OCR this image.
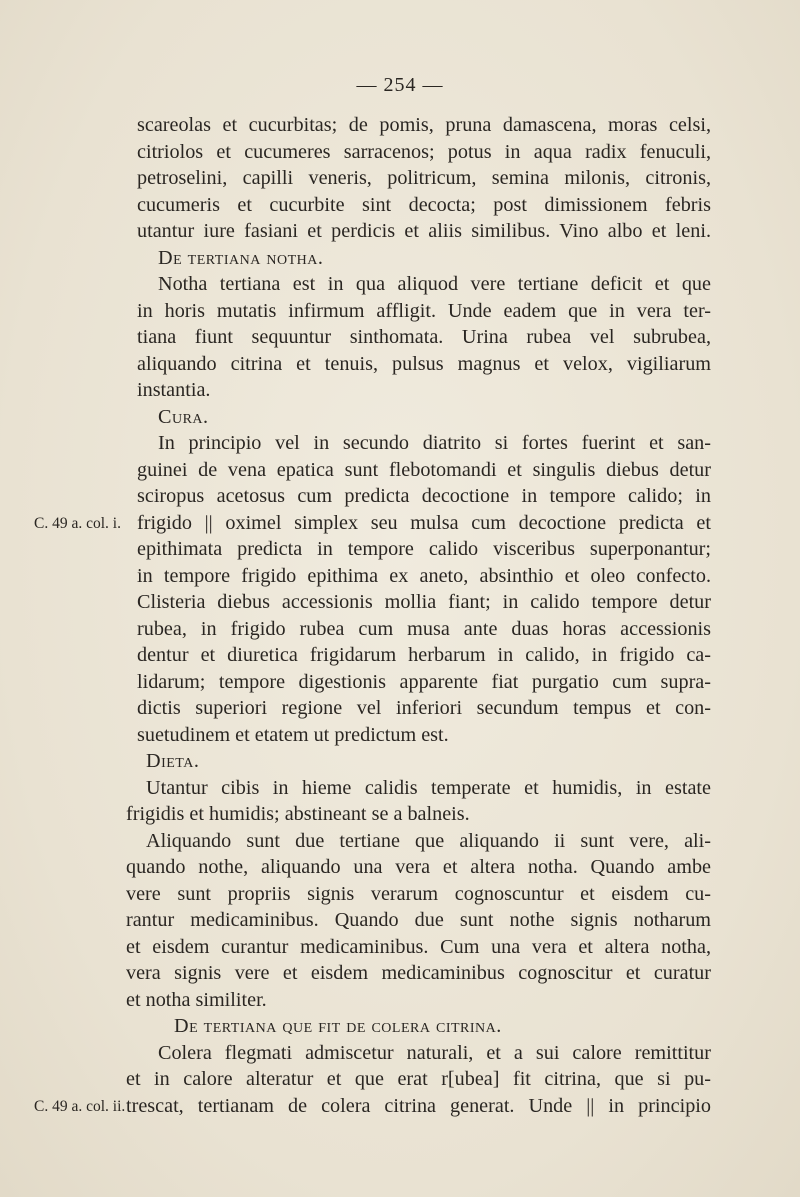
— 254 —
scareolas et cucurbitas; de pomis, pruna damascena, moras celsi,
citriolos et cucumeres sarracenos; potus in aqua radix fenuculi,
petroselini, capilli veneris, politricum, semina milonis, citronis,
cucumeris et cucurbite sint decocta; post dimissionem febris
utantur iure fasiani et perdicis et aliis similibus. Vino albo et leni.
De tertiana notha.
Notha tertiana est in qua aliquod vere tertiane deficit et que
in horis mutatis infirmum affligit. Unde eadem que in vera ter-
tiana fiunt sequuntur sinthomata. Urina rubea vel subrubea,
aliquando citrina et tenuis, pulsus magnus et velox, vigiliarum
instantia.
Cura.
In principio vel in secundo diatrito si fortes fuerint et san-
guinei de vena epatica sunt flebotomandi et singulis diebus detur
sciropus acetosus cum predicta decoctione in tempore calido; in
frigido || oximel simplex seu mulsa cum decoctione predicta et
epithimata predicta in tempore calido visceribus superponantur;
in tempore frigido epithima ex aneto, absinthio et oleo confecto.
Clisteria diebus accessionis mollia fiant; in calido tempore detur
rubea, in frigido rubea cum musa ante duas horas accessionis
dentur et diuretica frigidarum herbarum in calido, in frigido ca-
lidarum; tempore digestionis apparente fiat purgatio cum supra-
dictis superiori regione vel inferiori secundum tempus et con-
suetudinem et etatem ut predictum est.
Dieta.
Utantur cibis in hieme calidis temperate et humidis, in estate
frigidis et humidis; abstineant se a balneis.
Aliquando sunt due tertiane que aliquando ii sunt vere, ali-
quando nothe, aliquando una vera et altera notha. Quando ambe
vere sunt propriis signis verarum cognoscuntur et eisdem cu-
rantur medicaminibus. Quando due sunt nothe signis notharum
et eisdem curantur medicaminibus. Cum una vera et altera notha,
vera signis vere et eisdem medicaminibus cognoscitur et curatur
et notha similiter.
De tertiana que fit de colera citrina.
Colera flegmati admiscetur naturali, et a sui calore remittitur
et in calore alteratur et que erat r[ubea] fit citrina, que si pu-
trescat, tertianam de colera citrina generat. Unde || in principio
C. 49 a. col. i.
C. 49 a. col. ii.
